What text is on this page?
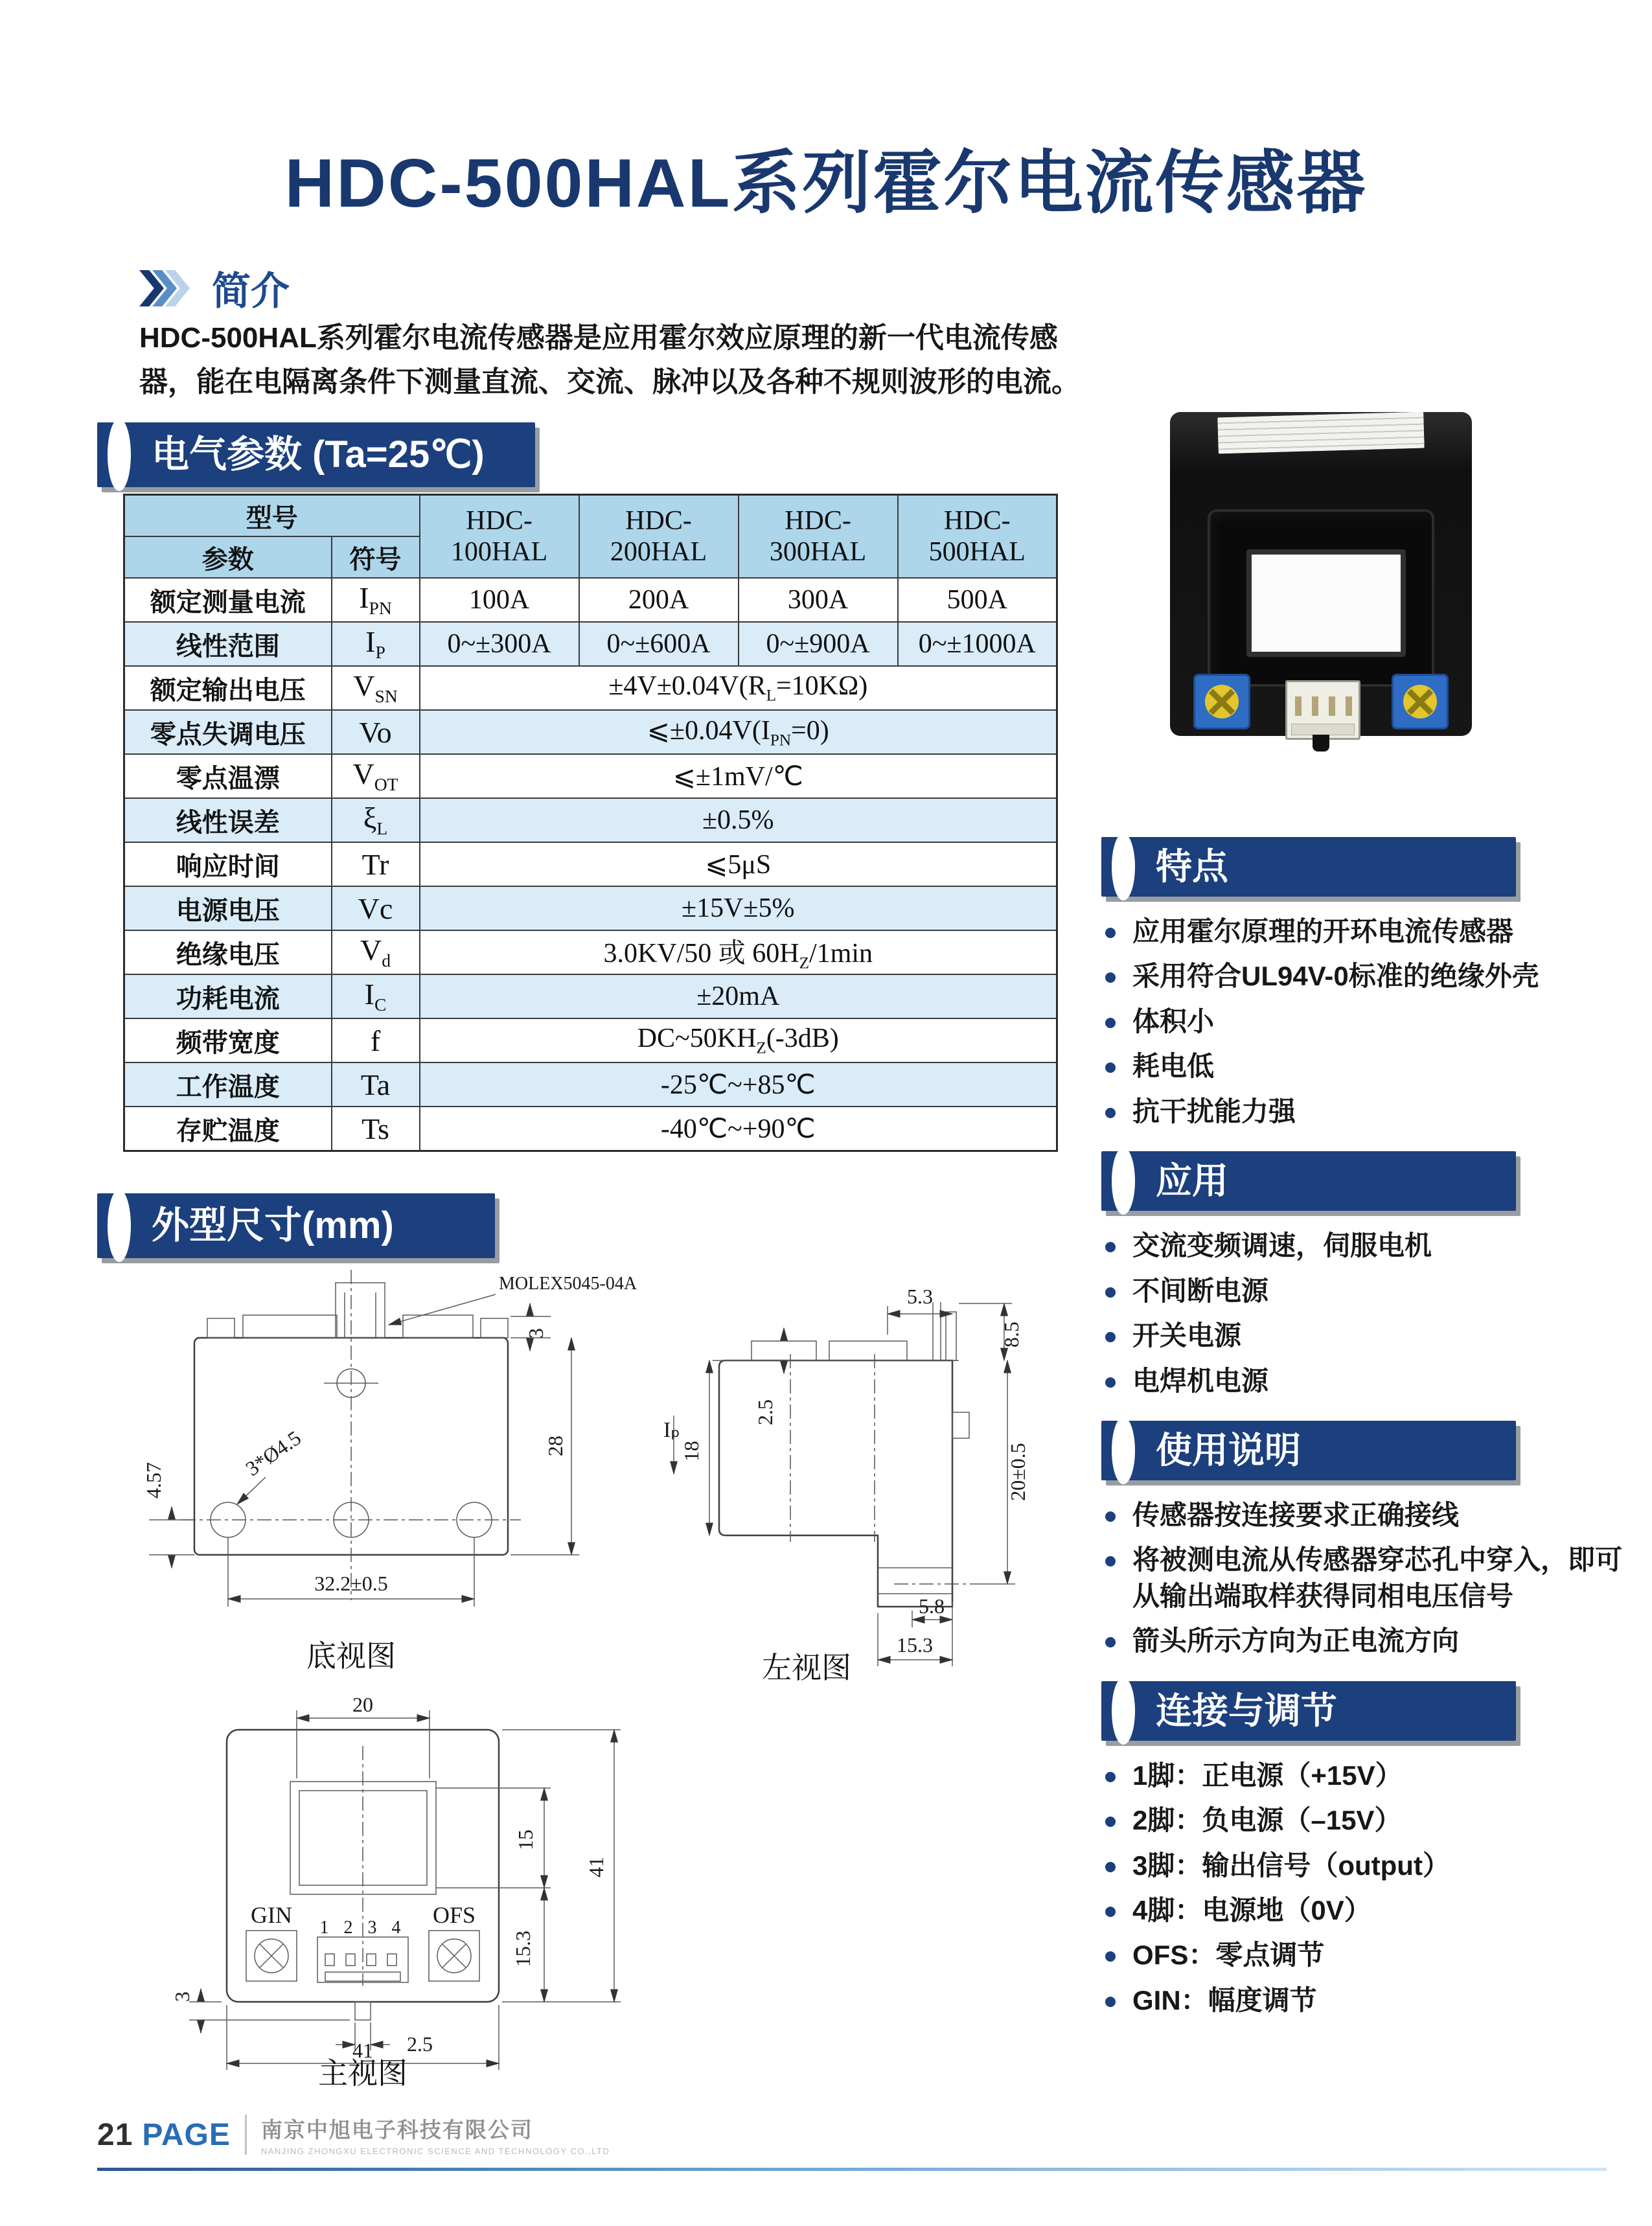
HDC-500HAL系列霍尔电流传感器
简介
HDC-500HAL系列霍尔电流传感器是应用霍尔效应原理的新一代电流传感器，能在电隔离条件下测量直流、交流、脉冲以及各种不规则波形的电流。
电气参数 (Ta=25℃)
型号		HDC-100HAL	HDC-200HAL	HDC-300HAL	HDC-500HAL
参数	符号				
额定测量电流	$I_{PN}$	100A	200A	300A	500A
线性范围	$I_P$	0~±300A	0~±600A	0~±900A	0~±1000A
额定输出电压	$V_{SN}$	$\pm 4V\pm 0.04V(R_L=10K\Omega)$			
零点失调电压	Vo	$⩽\pm 0.04V(I_{PN}=0)$			
零点温漂	$V_{OT}$	⩽±1mV/℃			
线性误差	$\xi_L$	±0.5%			
响应时间	Tr	⩽5μS			
电源电压	Vc	±15V±5%			
绝缘电压	$V_d$	3.0KV/50 或 $60H_Z/1\min$			
功耗电流	$I_C$	±20mA			
频带宽度	f	$DC\sim 50KH_Z(-3dB)$			
工作温度	Ta	-25℃~+85℃			
存贮温度	Ts	-40℃~+90℃			
特点
应用霍尔原理的开环电流传感器
采用符合UL94V-0标准的绝缘外壳
体积小
耗电低
抗干扰能力强
应用
交流变频调速，伺服电机
不间断电源
开关电源
电焊机电源
使用说明
传感器按连接要求正确接线
将被测电流从传感器穿芯孔中穿入，即可从输出端取样获得同相电压信号
箭头所示方向为正电流方向
连接与调节
1脚：正电源（+15V）
2脚：负电源（–15V）
3脚：输出信号（output）
4脚：电源地（0V）
OFS：零点调节
GIN：幅度调节
外型尺寸(mm)
32.2±0.5
28
3
4.57	3*Ø4.5
MOLEX5045-04A
底视图
5.3
8.5
2.5
18
Iₚ
20±0.5
5.8
15.3
左视图
GIN	OFS
1 2 3 4
20
15
41
15.3
3
2.5
41
主视图
21 PAGE 南京中旭电子科技有限公司
NANJING ZHONGXU ELECTRONIC SCIENCE AND TECHNOLOGY CO.,LTD
